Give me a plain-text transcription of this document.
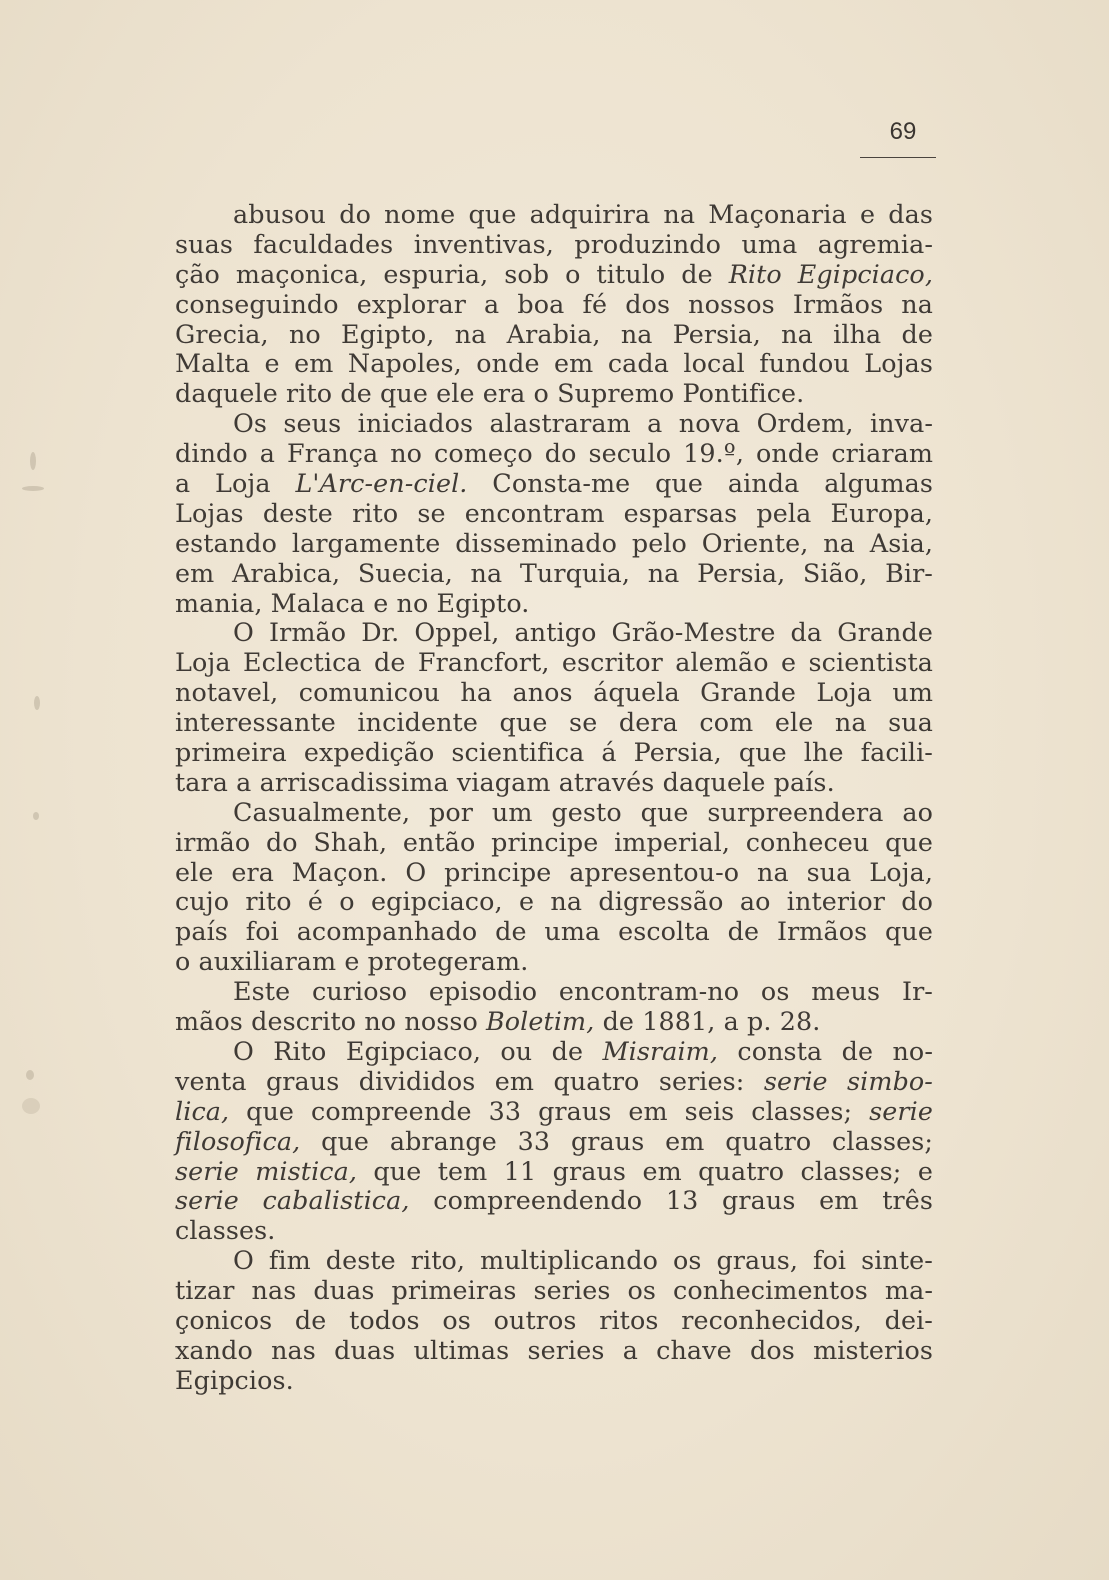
69
abusou do nome que adquirira na Maçonaria e das
suas faculdades inventivas, produzindo uma agremia-
ção maçonica, espuria, sob o titulo de Rito Egipciaco,
conseguindo explorar a boa fé dos nossos Irmãos na
Grecia, no Egipto, na Arabia, na Persia, na ilha de
Malta e em Napoles, onde em cada local fundou Lojas
daquele rito de que ele era o Supremo Pontifice.
Os seus iniciados alastraram a nova Ordem, inva-
dindo a França no começo do seculo 19.º, onde criaram
a Loja L'Arc-en-ciel. Consta-me que ainda algumas
Lojas deste rito se encontram esparsas pela Europa,
estando largamente disseminado pelo Oriente, na Asia,
em Arabica, Suecia, na Turquia, na Persia, Sião, Bir-
mania, Malaca e no Egipto.
O Irmão Dr. Oppel, antigo Grão-Mestre da Grande
Loja Eclectica de Francfort, escritor alemão e scientista
notavel, comunicou ha anos áquela Grande Loja um
interessante incidente que se dera com ele na sua
primeira expedição scientifica á Persia, que lhe facili-
tara a arriscadissima viagam através daquele país.
Casualmente, por um gesto que surpreendera ao
irmão do Shah, então principe imperial, conheceu que
ele era Maçon. O principe apresentou-o na sua Loja,
cujo rito é o egipciaco, e na digressão ao interior do
país foi acompanhado de uma escolta de Irmãos que
o auxiliaram e protegeram.
Este curioso episodio encontram-no os meus Ir-
mãos descrito no nosso Boletim, de 1881, a p. 28.
O Rito Egipciaco, ou de Misraim, consta de no-
venta graus divididos em quatro series: serie simbo-
lica, que compreende 33 graus em seis classes; serie
filosofica, que abrange 33 graus em quatro classes;
serie mistica, que tem 11 graus em quatro classes; e
serie cabalistica, compreendendo 13 graus em três
classes.
O fim deste rito, multiplicando os graus, foi sinte-
tizar nas duas primeiras series os conhecimentos ma-
çonicos de todos os outros ritos reconhecidos, dei-
xando nas duas ultimas series a chave dos misterios
Egipcios.
